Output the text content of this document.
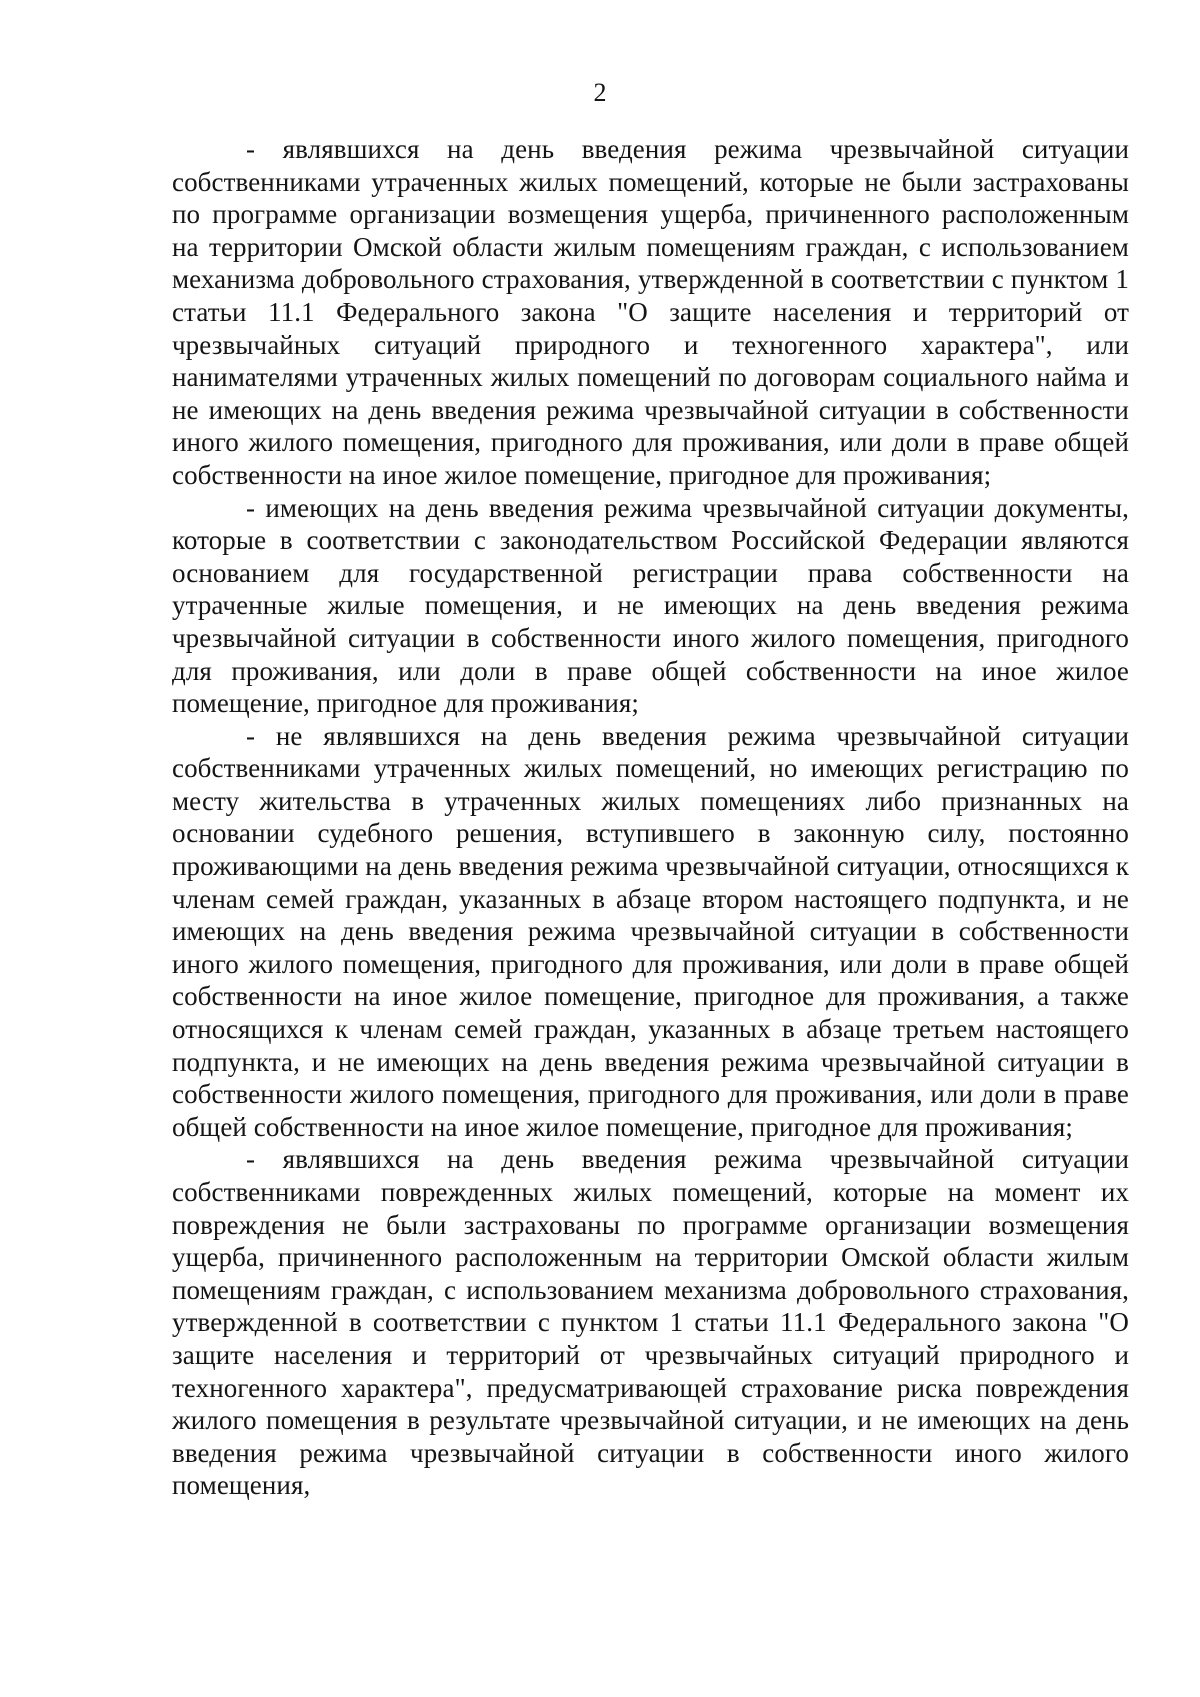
2

- являвшихся на день введения режима чрезвычайной ситуации собственниками утраченных жилых помещений, которые не были застрахованы по программе организации возмещения ущерба, причиненного расположенным на территории Омской области жилым помещениям граждан, с использованием механизма добровольного страхования, утвержденной в соответствии с пунктом 1 статьи 11.1 Федерального закона "О защите населения и территорий от чрезвычайных ситуаций природного и техногенного характера", или нанимателями утраченных жилых помещений по договорам социального найма и не имеющих на день введения режима чрезвычайной ситуации в собственности иного жилого помещения, пригодного для проживания, или доли в праве общей собственности на иное жилое помещение, пригодное для проживания;

- имеющих на день введения режима чрезвычайной ситуации документы, которые в соответствии с законодательством Российской Федерации являются основанием для государственной регистрации права собственности на утраченные жилые помещения, и не имеющих на день введения режима чрезвычайной ситуации в собственности иного жилого помещения, пригодного для проживания, или доли в праве общей собственности на иное жилое помещение, пригодное для проживания;

- не являвшихся на день введения режима чрезвычайной ситуации собственниками утраченных жилых помещений, но имеющих регистрацию по месту жительства в утраченных жилых помещениях либо признанных на основании судебного решения, вступившего в законную силу, постоянно проживающими на день введения режима чрезвычайной ситуации, относящихся к членам семей граждан, указанных в абзаце втором настоящего подпункта, и не имеющих на день введения режима чрезвычайной ситуации в собственности иного жилого помещения, пригодного для проживания, или доли в праве общей собственности на иное жилое помещение, пригодное для проживания, а также относящихся к членам семей граждан, указанных в абзаце третьем настоящего подпункта, и не имеющих на день введения режима чрезвычайной ситуации в собственности жилого помещения, пригодного для проживания, или доли в праве общей собственности на иное жилое помещение, пригодное для проживания;

- являвшихся на день введения режима чрезвычайной ситуации собственниками поврежденных жилых помещений, которые на момент их повреждения не были застрахованы по программе организации возмещения ущерба, причиненного расположенным на территории Омской области жилым помещениям граждан, с использованием механизма добровольного страхования, утвержденной в соответствии с пунктом 1 статьи 11.1 Федерального закона "О защите населения и территорий от чрезвычайных ситуаций природного и техногенного характера", предусматривающей страхование риска повреждения жилого помещения в результате чрезвычайной ситуации, и не имеющих на день введения режима чрезвычайной ситуации в собственности иного жилого помещения,
